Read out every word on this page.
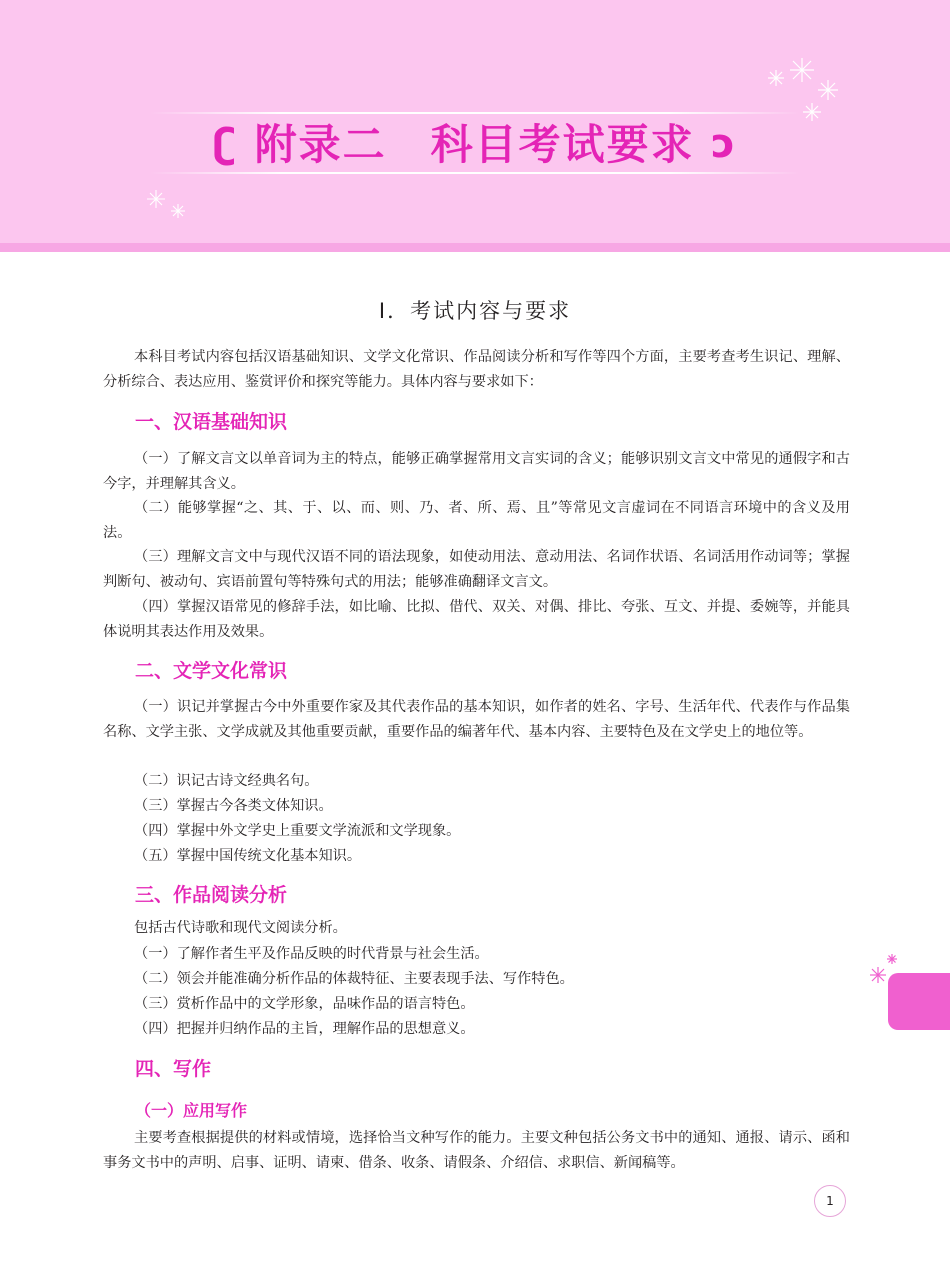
ʗ 附录二 科目考试要求 ɔ
Ⅰ．考试内容与要求

本科目考试内容包括汉语基础知识、文学文化常识、作品阅读分析和写作等四个方面，主要考查考生识记、理解、分析综合、表达应用、鉴赏评价和探究等能力。具体内容与要求如下：

一、汉语基础知识

（一）了解文言文以单音词为主的特点，能够正确掌握常用文言实词的含义；能够识别文言文中常见的通假字和古今字，并理解其含义。

（二）能够掌握“之、其、于、以、而、则、乃、者、所、焉、且”等常见文言虚词在不同语言环境中的含义及用法。

（三）理解文言文中与现代汉语不同的语法现象，如使动用法、意动用法、名词作状语、名词活用作动词等；掌握判断句、被动句、宾语前置句等特殊句式的用法；能够准确翻译文言文。

（四）掌握汉语常见的修辞手法，如比喻、比拟、借代、双关、对偶、排比、夸张、互文、并提、委婉等，并能具体说明其表达作用及效果。

二、文学文化常识

（一）识记并掌握古今中外重要作家及其代表作品的基本知识，如作者的姓名、字号、生活年代、代表作与作品集名称、文学主张、文学成就及其他重要贡献，重要作品的编著年代、基本内容、主要特色及在文学史上的地位等。

（二）识记古诗文经典名句。

（三）掌握古今各类文体知识。

（四）掌握中外文学史上重要文学流派和文学现象。

（五）掌握中国传统文化基本知识。

三、作品阅读分析

包括古代诗歌和现代文阅读分析。

（一）了解作者生平及作品反映的时代背景与社会生活。

（二）领会并能准确分析作品的体裁特征、主要表现手法、写作特色。

（三）赏析作品中的文学形象，品味作品的语言特色。

（四）把握并归纳作品的主旨，理解作品的思想意义。

四、写作
（一）应用写作

主要考查根据提供的材料或情境，选择恰当文种写作的能力。主要文种包括公务文书中的通知、通报、请示、函和事务文书中的声明、启事、证明、请柬、借条、收条、请假条、介绍信、求职信、新闻稿等。

1
